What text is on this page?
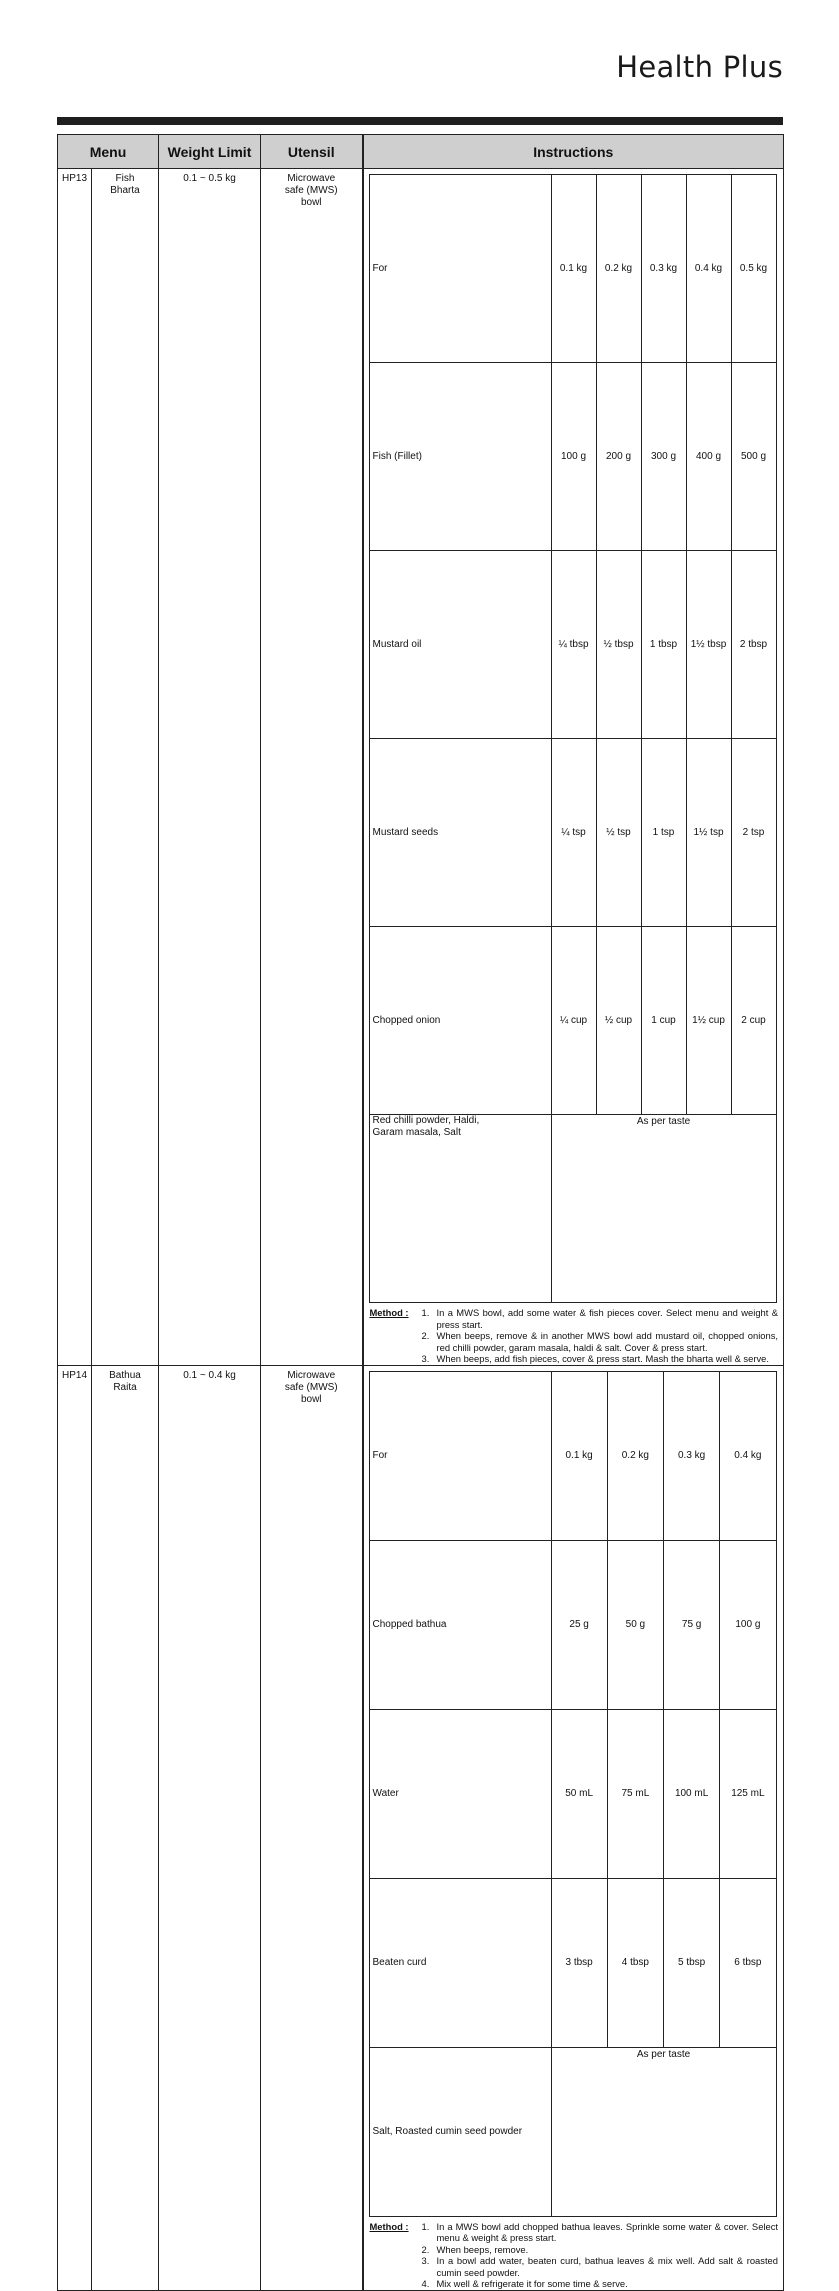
Health Plus
Menu	Weight Limit	Utensil	Instructions
HP13	Fish
Bharta
	0.1 ~ 0.5 kg	Microwave
safe (MWS)
bowl

For	0.1 kg	0.2 kg	0.3 kg	0.4 kg	0.5 kg
Fish (Fillet)	100 g	200 g	300 g	400 g	500 g
Mustard oil	¼ tbsp	½ tbsp	1 tbsp	1½ tbsp	2 tbsp
Mustard seeds	¼ tsp	½ tsp	1 tsp	1½ tsp	2 tsp
Chopped onion	¼ cup	½ cup	1 cup	1½ cup	2 cup

Red chilli powder, Haldi,
Garam masala, Salt
	As per taste
Method :	1. In a MWS bowl, add some water & fish pieces cover. Select menu and weight & press start.
2. When beeps, remove & in another MWS bowl add mustard oil, chopped onions, red chilli powder, garam masala, haldi & salt. Cover & press start.
3. When beeps, add fish pieces, cover & press start. Mash the bharta well & serve.

HP14	Bathua
Raita
	0.1 ~ 0.4 kg	Microwave
safe (MWS)
bowl

For	0.1 kg	0.2 kg	0.3 kg	0.4 kg
Chopped bathua	25 g	50 g	75 g	100 g
Water	50 mL	75 mL	100 mL	125 mL
Beaten curd	3 tbsp	4 tbsp	5 tbsp	6 tbsp
Salt, Roasted cumin seed powder	As per taste
Method :	1. In a MWS bowl add chopped bathua leaves. Sprinkle some water & cover. Select menu & weight & press start.
2. When beeps, remove.
3. In a bowl add water, beaten curd, bathua leaves & mix well. Add salt & roasted cumin seed powder.
4. Mix well & refrigerate it for some time & serve.
